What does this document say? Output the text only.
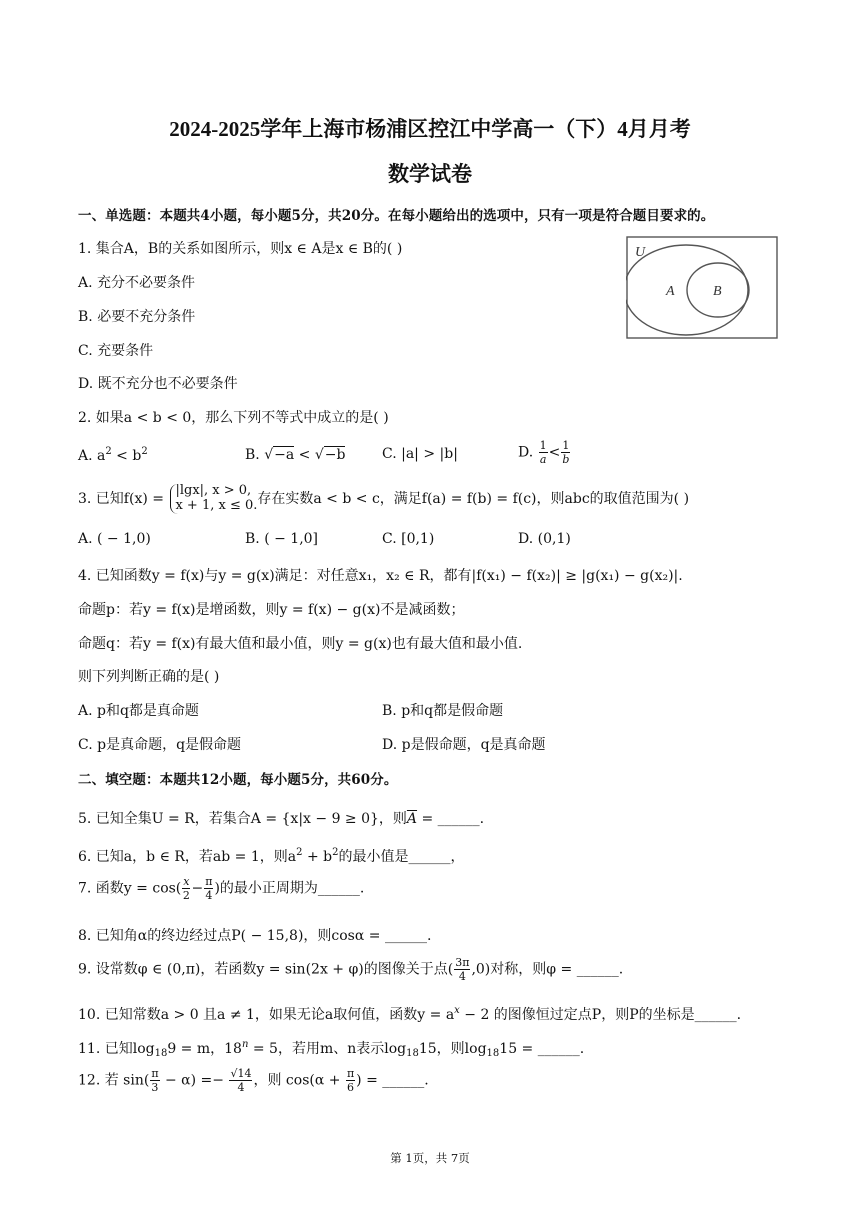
2024-2025学年上海市杨浦区控江中学高一（下）4月月考
数学试卷
一、单选题：本题共4小题，每小题5分，共20分。在每小题给出的选项中，只有一项是符合题目要求的。
1. 集合A，B的关系如图所示，则x ∈ A是x ∈ B的( )
A. 充分不必要条件
B. 必要不充分条件
C. 充要条件
D. 既不充分也不必要条件
U
A	B
2. 如果a < b < 0，那么下列不等式中成立的是( )
A. $a^2 < b^2$	B. √−a < √−b	C. |a| > |b|	D. $\frac{1}{a} < \frac{1}{b}$
3. 已知f(x) =
|lgx|, x > 0,
x + 1, x ≤ 0. 存在实数a < b < c，满足f(a) = f(b) = f(c)，则abc的取值范围为( )
A. ( − 1,0)	B. ( − 1,0]	C. [0,1)	D. (0,1)
4. 已知函数y = f(x)与y = g(x)满足：对任意x₁，x₂ ∈ R，都有|f(x₁) − f(x₂)| ≥ |g(x₁) − g(x₂)|.
命题p：若y = f(x)是增函数，则y = f(x) − g(x)不是减函数；
命题q：若y = f(x)有最大值和最小值，则y = g(x)也有最大值和最小值.
则下列判断正确的是( )
A. p和q都是真命题	B. p和q都是假命题
C. p是真命题，q是假命题	D. p是假命题，q是真命题
二、填空题：本题共12小题，每小题5分，共60分。
5. 已知全集U = R，若集合A = {x|x − 9 ≥ 0}，则$\overline{A}$ = ______.
6. 已知a，b ∈ R，若ab = 1，则$a^2 + b^2$的最小值是______，
7. 函数$y = \cos( \frac{x}{2} - \frac{\pi}{4}$ )的最小正周期为______.
8. 已知角α的终边经过点P( − 15,8)，则cosα = ______.
9. 设常数φ ∈ (0,π)，若函数y = sin(2x + φ)的图像关于点( $\frac{3\pi}{4} ,0$)对称，则φ = ______.
10. 已知常数a > 0 且a ≠ 1，如果无论a取何值，函数$y = a^x - 2$ 的图像恒过定点P，则P的坐标是______.
11. 已知$\log_{18}9 = m$，$18^n = 5$，若用m、n表示$\log_{18}15$，则$\log_{18}15$ = ______.
12. 若 $\sin( \frac{\pi}{3} - \alpha) =- \frac{√14}{4}$ ，则 $\cos(\alpha + \frac{\pi}{6}$ ) = ______.
第 1页，共 7页
